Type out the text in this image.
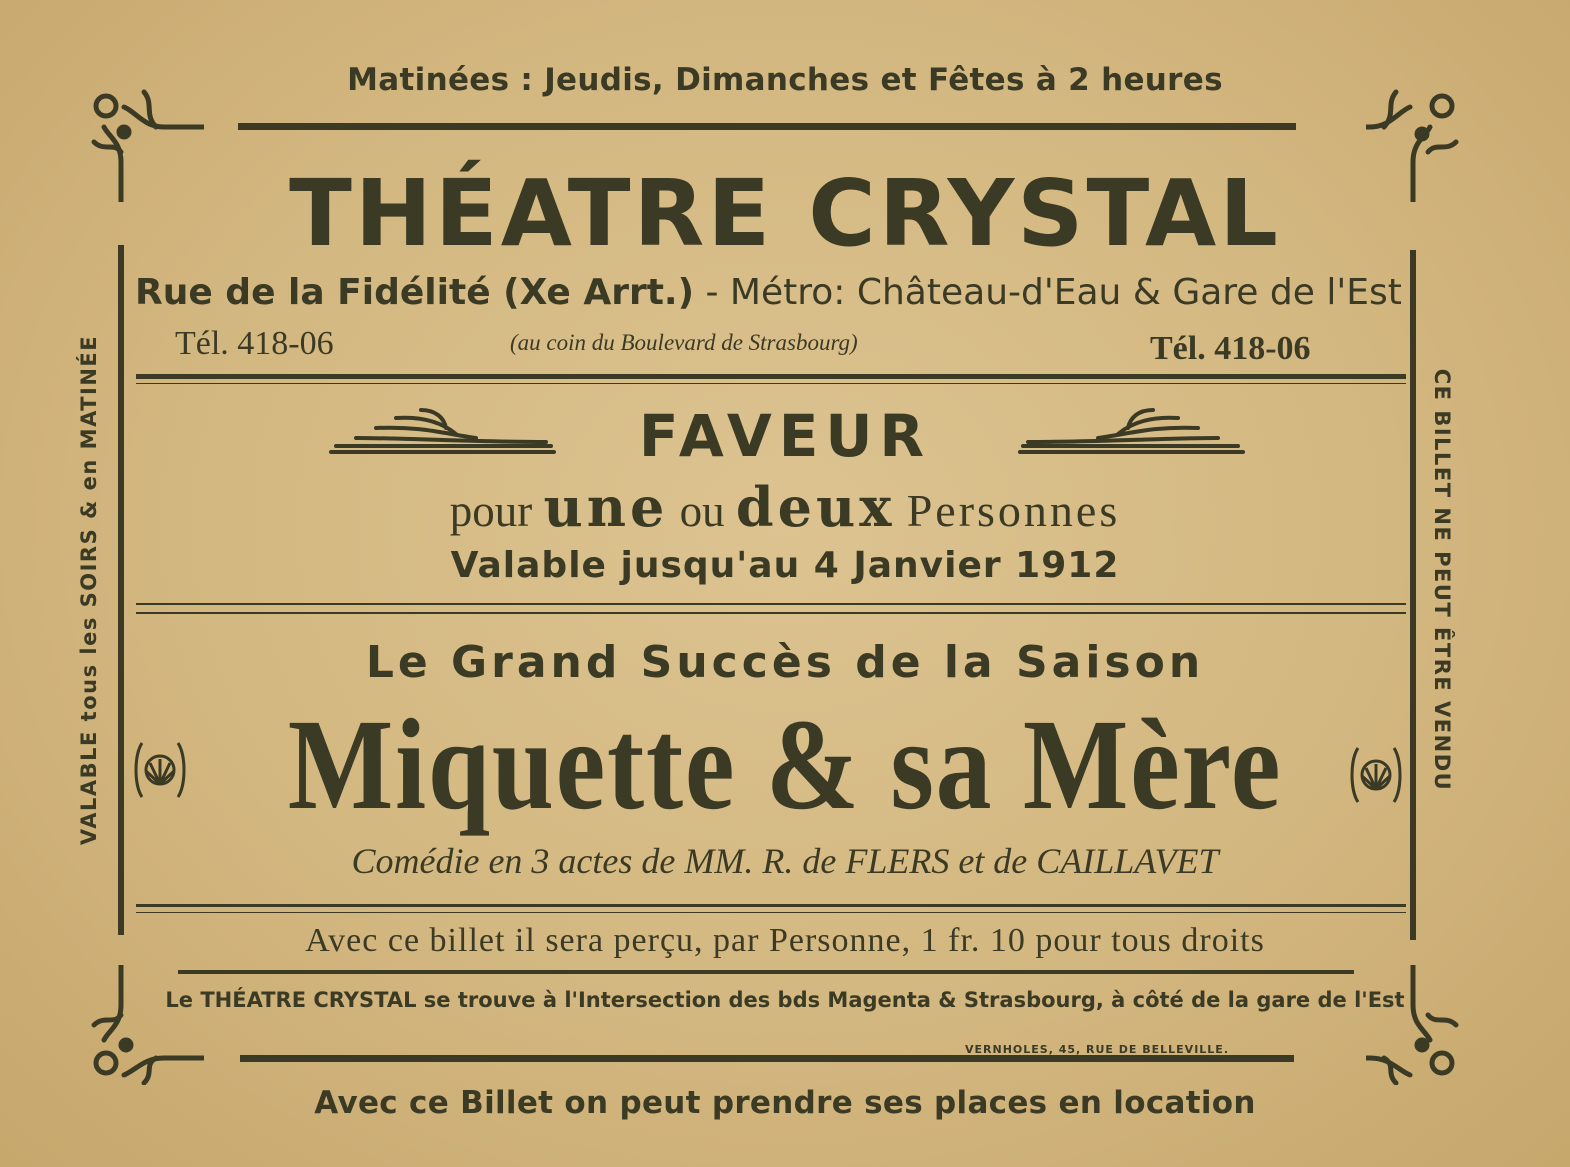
Matinées : Jeudis, Dimanches et Fêtes à 2 heures
Avec ce Billet on peut prendre ses places en location
VALABLE tous les SOIRS & en MATINÉE	CE BILLET NE PEUT ÊTRE VENDU
THÉATRE CRYSTAL
Rue de la Fidélité (Xe Arrt.) - Métro: Château-d'Eau & Gare de l'Est
Tél. 418-06	(au coin du Boulevard de Strasbourg)	Tél. 418-06
FAVEUR
pour une ou deux Personnes
Valable jusqu'au 4 Janvier 1912
Le Grand Succès de la Saison
Miquette & sa Mère
Comédie en 3 actes de MM. R. de FLERS et de CAILLAVET
Avec ce billet il sera perçu, par Personne, 1 fr. 10 pour tous droits
Le THÉATRE CRYSTAL se trouve à l'Intersection des bds Magenta & Strasbourg, à côté de la gare de l'Est
VERNHOLES, 45, RUE DE BELLEVILLE.
